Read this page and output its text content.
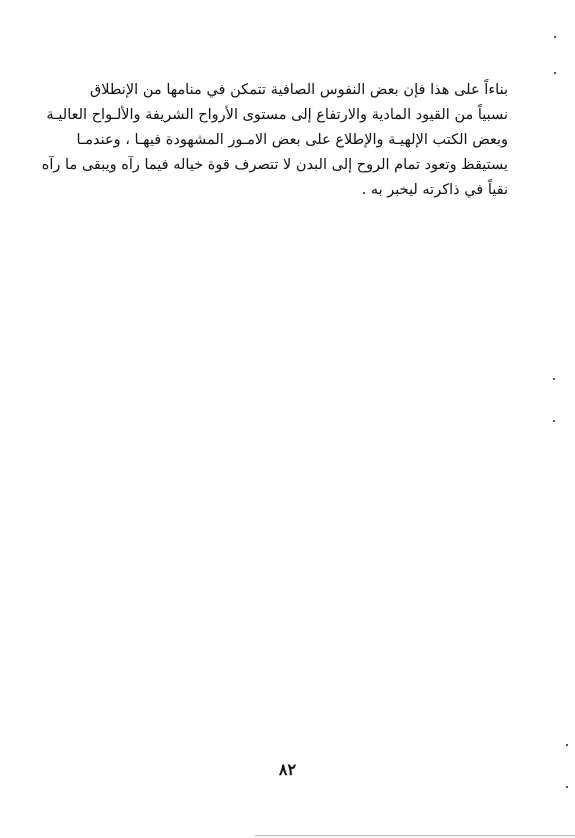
بناءاً على هذا فإن بعض النفوس الصافية تتمكن في منامها من الإنطلاق
نسبياً من القيود المادية والارتفاع إلى مستوى الأرواح الشريفة والألـواح العاليـة
وبعض الكتب الإلهيـة والإطلاع على بعض الامـور المشهودة فيهـا ، وعندمـا
يستيقظ وتعود تمام الروح إلى البدن لا تتصرف قوة خياله فيما رآه ويبقى ما رآه
نقياً في ذاكرته ليخبر به .
٨٢
